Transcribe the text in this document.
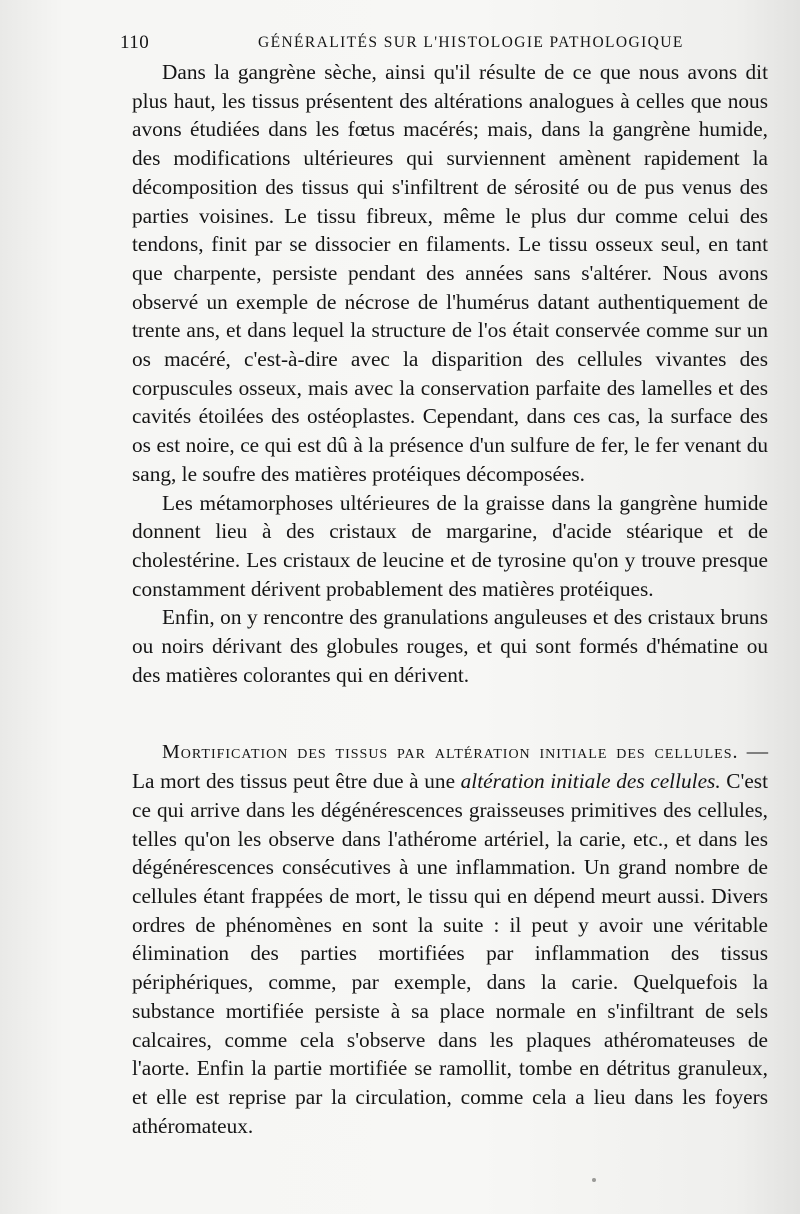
110	GÉNÉRALITÉS SUR L'HISTOLOGIE PATHOLOGIQUE

Dans la gangrène sèche, ainsi qu'il résulte de ce que nous avons dit plus haut, les tissus présentent des altérations analogues à celles que nous avons étudiées dans les fœtus macérés; mais, dans la gangrène humide, des modifications ultérieures qui surviennent amènent rapidement la décomposition des tissus qui s'infiltrent de sérosité ou de pus venus des parties voisines. Le tissu fibreux, même le plus dur comme celui des tendons, finit par se dissocier en filaments. Le tissu osseux seul, en tant que charpente, persiste pendant des années sans s'altérer. Nous avons observé un exemple de nécrose de l'humérus datant authentiquement de trente ans, et dans lequel la structure de l'os était conservée comme sur un os macéré, c'est-à-dire avec la disparition des cellules vivantes des corpuscules osseux, mais avec la conservation parfaite des lamelles et des cavités étoilées des ostéoplastes. Cependant, dans ces cas, la surface des os est noire, ce qui est dû à la présence d'un sulfure de fer, le fer venant du sang, le soufre des matières protéiques décomposées.

Les métamorphoses ultérieures de la graisse dans la gangrène humide donnent lieu à des cristaux de margarine, d'acide stéarique et de cholestérine. Les cristaux de leucine et de tyrosine qu'on y trouve presque constamment dérivent probablement des matières protéiques.

Enfin, on y rencontre des granulations anguleuses et des cristaux bruns ou noirs dérivant des globules rouges, et qui sont formés d'hématine ou des matières colorantes qui en dérivent.

Mortification des tissus par altération initiale des cellules. — La mort des tissus peut être due à une altération initiale des cellules. C'est ce qui arrive dans les dégénérescences graisseuses primitives des cellules, telles qu'on les observe dans l'athérome artériel, la carie, etc., et dans les dégénérescences consécutives à une inflammation. Un grand nombre de cellules étant frappées de mort, le tissu qui en dépend meurt aussi. Divers ordres de phénomènes en sont la suite : il peut y avoir une véritable élimination des parties mortifiées par inflammation des tissus périphériques, comme, par exemple, dans la carie. Quelquefois la substance mortifiée persiste à sa place normale en s'infiltrant de sels calcaires, comme cela s'observe dans les plaques athéromateuses de l'aorte. Enfin la partie mortifiée se ramollit, tombe en détritus granuleux, et elle est reprise par la circulation, comme cela a lieu dans les foyers athéromateux.
